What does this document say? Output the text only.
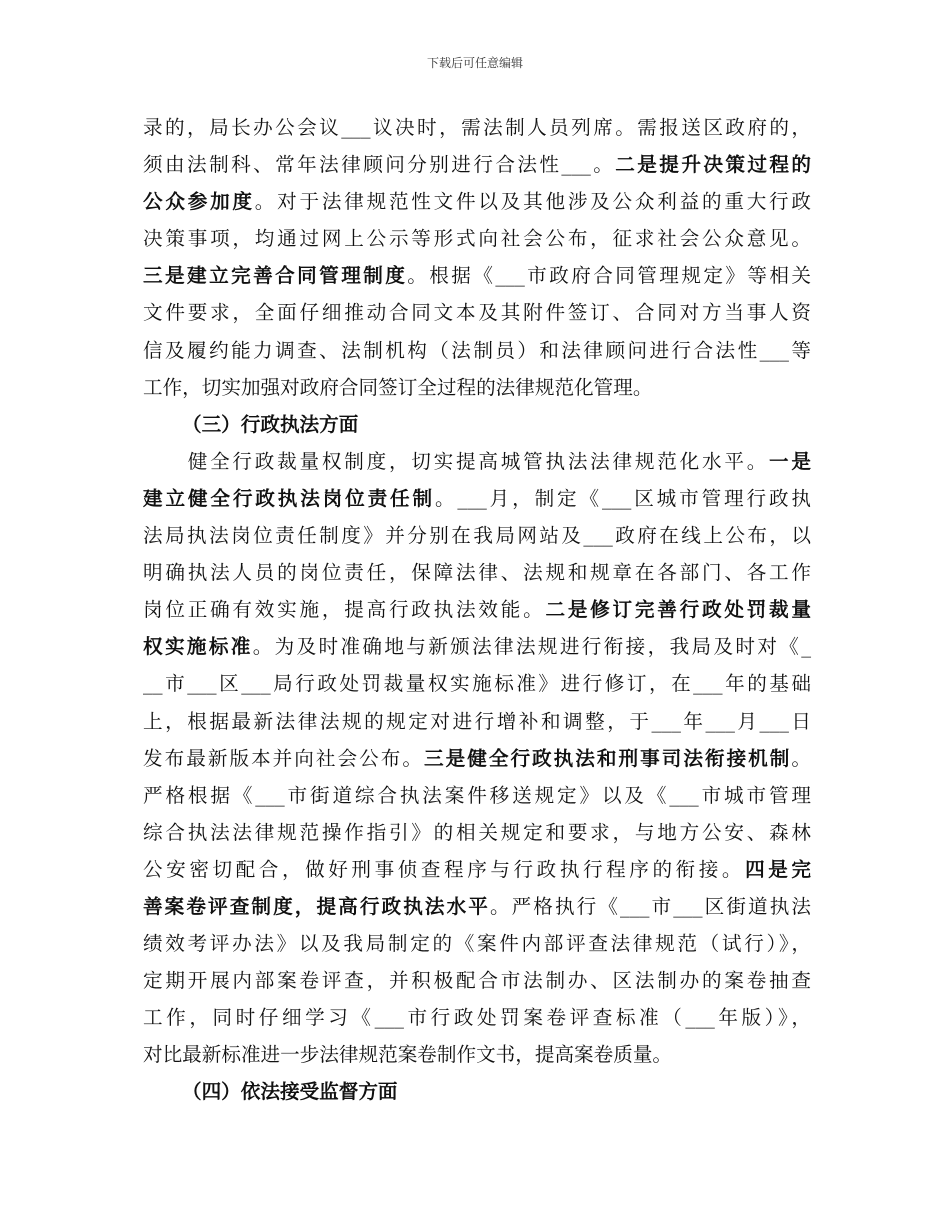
下载后可任意编辑
录的，局长办公会议___议决时，需法制人员列席。需报送区政府的，
须由法制科、常年法律顾问分别进行合法性___。二是提升决策过程的
公众参加度。对于法律规范性文件以及其他涉及公众利益的重大行政
决策事项，均通过网上公示等形式向社会公布，征求社会公众意见。
三是建立完善合同管理制度。根据《___市政府合同管理规定》等相关
文件要求，全面仔细推动合同文本及其附件签订、合同对方当事人资
信及履约能力调查、法制机构（法制员）和法律顾问进行合法性___等
工作，切实加强对政府合同签订全过程的法律规范化管理。
（三）行政执法方面
　　健全行政裁量权制度，切实提高城管执法法律规范化水平。一是
建立健全行政执法岗位责任制。___月，制定《___区城市管理行政执
法局执法岗位责任制度》并分别在我局网站及___政府在线上公布，以
明确执法人员的岗位责任，保障法律、法规和规章在各部门、各工作
岗位正确有效实施，提高行政执法效能。二是修订完善行政处罚裁量
权实施标准。为及时准确地与新颁法律法规进行衔接，我局及时对《_
__市___区___局行政处罚裁量权实施标准》进行修订，在___年的基础
上，根据最新法律法规的规定对进行增补和调整，于___年___月___日
发布最新版本并向社会公布。三是健全行政执法和刑事司法衔接机制。
严格根据《___市街道综合执法案件移送规定》以及《___市城市管理
综合执法法律规范操作指引》的相关规定和要求，与地方公安、森林
公安密切配合，做好刑事侦查程序与行政执行程序的衔接。四是完
善案卷评查制度，提高行政执法水平。严格执行《___市___区街道执法
绩效考评办法》以及我局制定的《案件内部评查法律规范（试行）》，
定期开展内部案卷评查，并积极配合市法制办、区法制办的案卷抽查
工作，同时仔细学习《___市行政处罚案卷评查标准（___年版）》，
对比最新标准进一步法律规范案卷制作文书，提高案卷质量。
（四）依法接受监督方面
